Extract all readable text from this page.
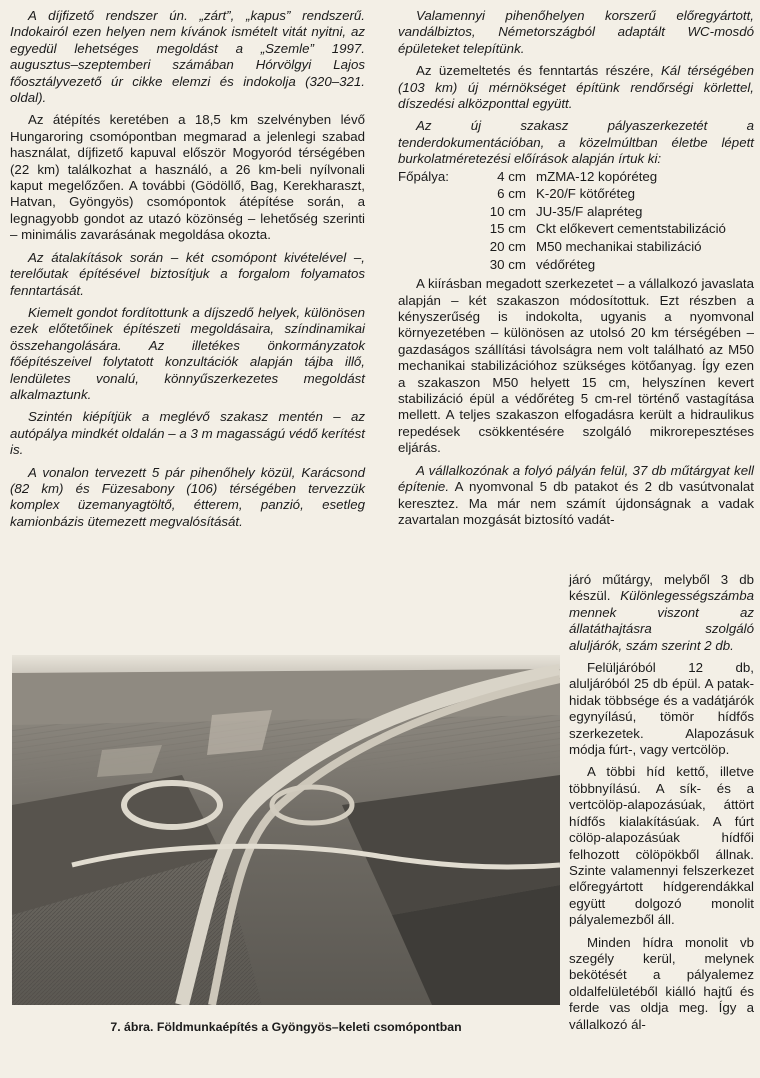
A díjfizető rendszer ún. „zárt”, „kapus” rendszerű. Indokairól ezen helyen nem kívánok ismételt vitát nyitni, az egyedül lehetséges megoldást a „Szemle” 1997. augusztus–szeptemberi számában Hórvölgyi Lajos főosztályvezető úr cikke elemzi és indokolja (320–321. oldal).

Az átépítés keretében a 18,5 km szelvényben lévő Hungaroring csomópontban megmarad a jelenlegi szabad használat, díjfizető kapuval először Mogyoród térségében (22 km) találkozhat a használó, a 26 km-beli nyílvonali kaput megelőzően. A további (Gödöllő, Bag, Kerekharaszt, Hatvan, Gyöngyös) csomópontok átépítése során, a legnagyobb gondot az utazó közönség – lehetőség szerinti – minimális zavarásának megoldása okozta.

Az átalakítások során – két csomópont kivételével –, terelőutak építésével biztosítjuk a forgalom folyamatos fenntartását.

Kiemelt gondot fordítottunk a díjszedő helyek, különösen ezek előtetőinek építészeti megoldásaira, színdinamikai összehangolására. Az illetékes önkormányzatok főépítészeivel folytatott konzultációk alapján tájba illő, lendületes vonalú, könnyűszerkezetes megoldást alkalmaztunk.

Szintén kiépítjük a meglévő szakasz mentén – az autópálya mindkét oldalán – a 3 m magasságú védő kerítést is.

A vonalon tervezett 5 pár pihenőhely közül, Karácsond (82 km) és Füzesabony (106) térségében tervezzük komplex üzemanyagtöltő, étterem, panzió, esetleg kamionbázis ütemezett megvalósítását.

Valamennyi pihenőhelyen korszerű előregyártott, vandálbiztos, Németországból adaptált WC-mosdó épületeket telepítünk.

Az üzemeltetés és fenntartás részére, Kál térségében (103 km) új mérnökséget építünk rendőrségi körlettel, díszedési alközponttal együtt.

Az új szakasz pályaszerkezetét a tenderdokumentációban, a közelmúltban életbe lépett burkolatméretezési előírások alapján írtuk ki:

Főpálya:	4 cm mZMA-12 kopóréteg
6 cm K-20/F kötőréteg
10 cm JU-35/F alapréteg
15 cm Ckt előkevert cementstabilizáció
20 cm M50 mechanikai stabilizáció
30 cm védőréteg

A kiírásban megadott szerkezetet – a vállalkozó javaslata alapján – két szakaszon módosítottuk. Ezt részben a kényszerűség is indokolta, ugyanis a nyomvonal környezetében – különösen az utolsó 20 km térségében – gazdaságos szállítási távolságra nem volt található az M50 mechanikai stabilizációhoz szükséges kötőanyag. Így ezen a szakaszon M50 helyett 15 cm, helyszínen kevert stabilizáció épül a védőréteg 5 cm-rel történő vastagítása mellett. A teljes szakaszon elfogadásra került a hidraulikus repedések csökkentésére szolgáló mikrorepesztéses eljárás.

A vállalkozónak a folyó pályán felül, 37 db műtárgyat kell építenie. A nyomvonal 5 db patakot és 2 db vasútvonalat keresztez. Ma már nem számít újdonságnak a vadak zavartalan mozgását biztosító vadát-

járó műtárgy, melyből 3 db készül. Különlegességszámba mennek viszont az állatáthajtásra szolgáló aluljárók, szám szerint 2 db.

Felüljáróból 12 db, aluljáróból 25 db épül. A patak-hidak többsége és a vadátjárók egynyílású, tömör hídfős szerkezetek. Alapozásuk módja fúrt-, vagy vertcölöp.

A többi híd kettő, illetve többnyílású. A sík- és a vertcölöp-alapozásúak, áttört hídfős kialakításúak. A fúrt cölöp-alapozásúak hídfői felhozott cölöpökből állnak. Szinte valamennyi felszerkezet előregyártott hídgerendákkal együtt dolgozó monolit pályalemezből áll.

Minden hídra monolit vb szegély kerül, melynek bekötését a pályalemez oldalfelületéből kiálló hajtű és ferde vas oldja meg. Így a vállalkozó ál-

7. ábra. Földmunkaépítés a Gyöngyös–keleti csomópontban
